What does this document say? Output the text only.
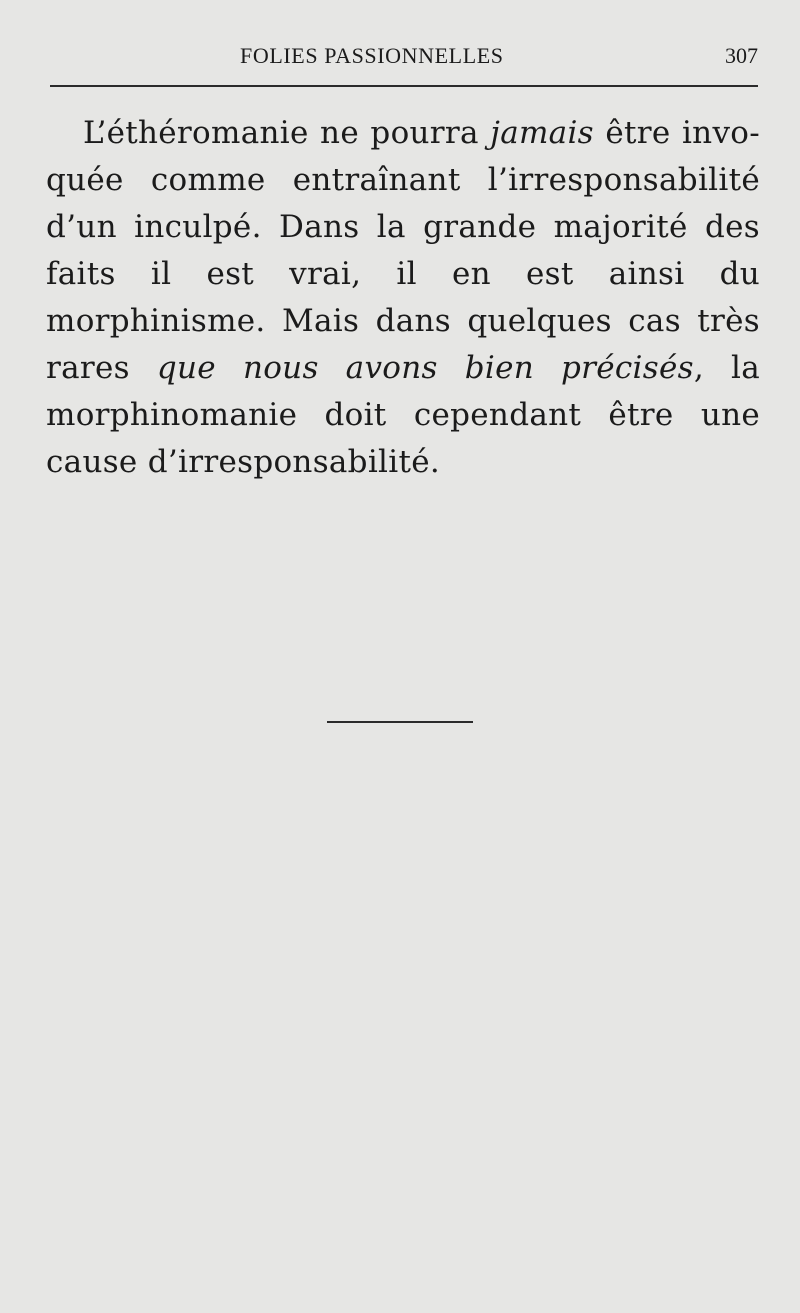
FOLIES PASSIONNELLES	307

L’éthéromanie ne pourra jamais être invo-quée comme entraînant l’irresponsabilité d’un inculpé. Dans la grande majorité des faits il est vrai, il en est ainsi du morphinisme. Mais dans quelques cas très rares que nous avons bien précisés, la morphinomanie doit cependant être une cause d’irresponsabilité.
